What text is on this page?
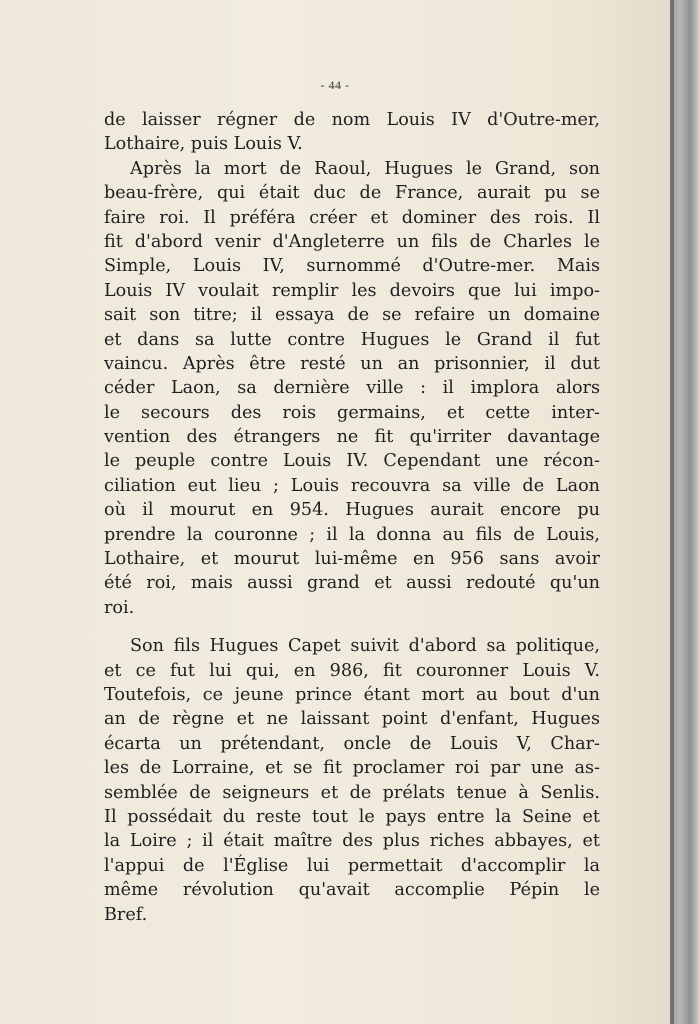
- 44 -
de laisser régner de nom Louis IV d'Outre-mer,
Lothaire, puis Louis V.
Après la mort de Raoul, Hugues le Grand, son
beau-frère, qui était duc de France, aurait pu se
faire roi. Il préféra créer et dominer des rois. Il
fit d'abord venir d'Angleterre un fils de Charles le
Simple, Louis IV, surnommé d'Outre-mer. Mais
Louis IV voulait remplir les devoirs que lui impo-
sait son titre; il essaya de se refaire un domaine
et dans sa lutte contre Hugues le Grand il fut
vaincu. Après être resté un an prisonnier, il dut
céder Laon, sa dernière ville : il implora alors
le secours des rois germains, et cette inter-
vention des étrangers ne fit qu'irriter davantage
le peuple contre Louis IV. Cependant une récon-
ciliation eut lieu ; Louis recouvra sa ville de Laon
où il mourut en 954. Hugues aurait encore pu
prendre la couronne ; il la donna au fils de Louis,
Lothaire, et mourut lui-même en 956 sans avoir
été roi, mais aussi grand et aussi redouté qu'un
roi.
Son fils Hugues Capet suivit d'abord sa politique,
et ce fut lui qui, en 986, fit couronner Louis V.
Toutefois, ce jeune prince étant mort au bout d'un
an de règne et ne laissant point d'enfant, Hugues
écarta un prétendant, oncle de Louis V, Char-
les de Lorraine, et se fit proclamer roi par une as-
semblée de seigneurs et de prélats tenue à Senlis.
Il possédait du reste tout le pays entre la Seine et
la Loire ; il était maître des plus riches abbayes, et
l'appui de l'Église lui permettait d'accomplir la
même révolution qu'avait accomplie Pépin le
Bref.
